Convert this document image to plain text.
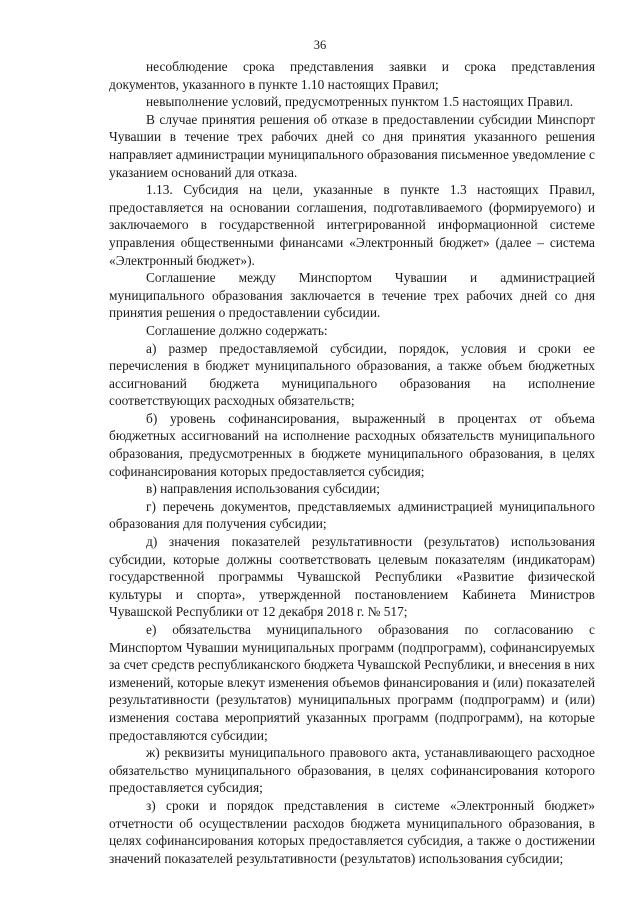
36

несоблюдение срока представления заявки и срока представления документов, указанного в пункте 1.10 настоящих Правил;

невыполнение условий, предусмотренных пунктом 1.5 настоящих Правил.

В случае принятия решения об отказе в предоставлении субсидии Минспорт Чувашии в течение трех рабочих дней со дня принятия указанного решения направляет администрации муниципального образования письменное уведомление с указанием оснований для отказа.

1.13. Субсидия на цели, указанные в пункте 1.3 настоящих Правил, предоставляется на основании соглашения, подготавливаемого (формируемого) и заключаемого в государственной интегрированной информационной системе управления общественными финансами «Электронный бюджет» (далее – система «Электронный бюджет»).

Соглашение между Минспортом Чувашии и администрацией муниципального образования заключается в течение трех рабочих дней со дня принятия решения о предоставлении субсидии.

Соглашение должно содержать:

а) размер предоставляемой субсидии, порядок, условия и сроки ее перечисления в бюджет муниципального образования, а также объем бюджетных ассигнований бюджета муниципального образования на исполнение соответствующих расходных обязательств;

б) уровень софинансирования, выраженный в процентах от объема бюджетных ассигнований на исполнение расходных обязательств муниципального образования, предусмотренных в бюджете муниципального образования, в целях софинансирования которых предоставляется субсидия;

в) направления использования субсидии;

г) перечень документов, представляемых администрацией муниципального образования для получения субсидии;

д) значения показателей результативности (результатов) использования субсидии, которые должны соответствовать целевым показателям (индикаторам) государственной программы Чувашской Республики «Развитие физической культуры и спорта», утвержденной постановлением Кабинета Министров Чувашской Республики от 12 декабря 2018 г. № 517;

е) обязательства муниципального образования по согласованию с Минспортом Чувашии муниципальных программ (подпрограмм), софинансируемых за счет средств республиканского бюджета Чувашской Республики, и внесения в них изменений, которые влекут изменения объемов финансирования и (или) показателей результативности (результатов) муниципальных программ (подпрограмм) и (или) изменения состава мероприятий указанных программ (подпрограмм), на которые предоставляются субсидии;

ж) реквизиты муниципального правового акта, устанавливающего расходное обязательство муниципального образования, в целях софинансирования которого предоставляется субсидия;

з) сроки и порядок представления в системе «Электронный бюджет» отчетности об осуществлении расходов бюджета муниципального образования, в целях софинансирования которых предоставляется субсидия, а также о достижении значений показателей результативности (результатов) использования субсидии;
